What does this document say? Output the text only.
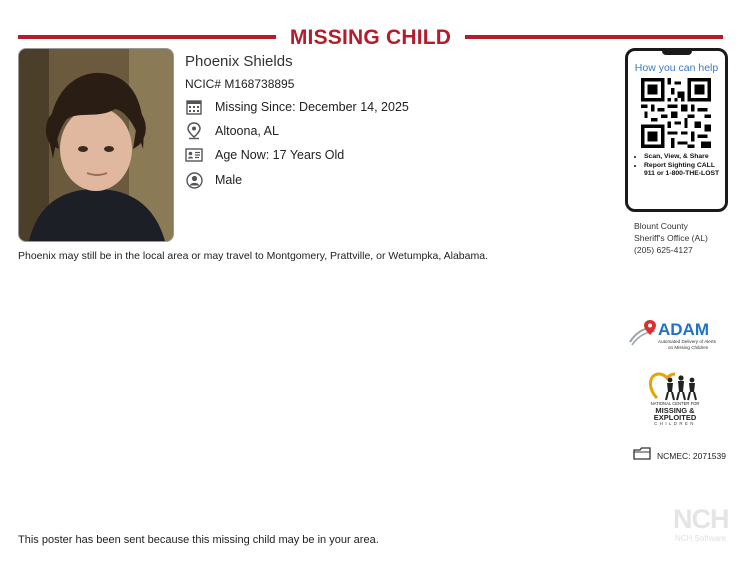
MISSING CHILD
Phoenix Shields
NCIC# M168738895
Missing Since: December 14, 2025
Altoona, AL
Age Now: 17 Years Old
Male
Phoenix may still be in the local area or may travel to Montgomery, Prattville, or Wetumpka, Alabama.
How you can help
• Scan, View, & Share
• Report Sighting CALL 911 or 1-800-THE-LOST
Blount County
Sheriff's Office (AL)
(205) 625-4127
ADAM
Automated Delivery of Alerts
on Missing Children
NATIONAL CENTER FOR
MISSING &
EXPLOITED
CHILDREN
NCMEC: 2071539
This poster has been sent because this missing child may be in your area.
NCH
NCH Software
